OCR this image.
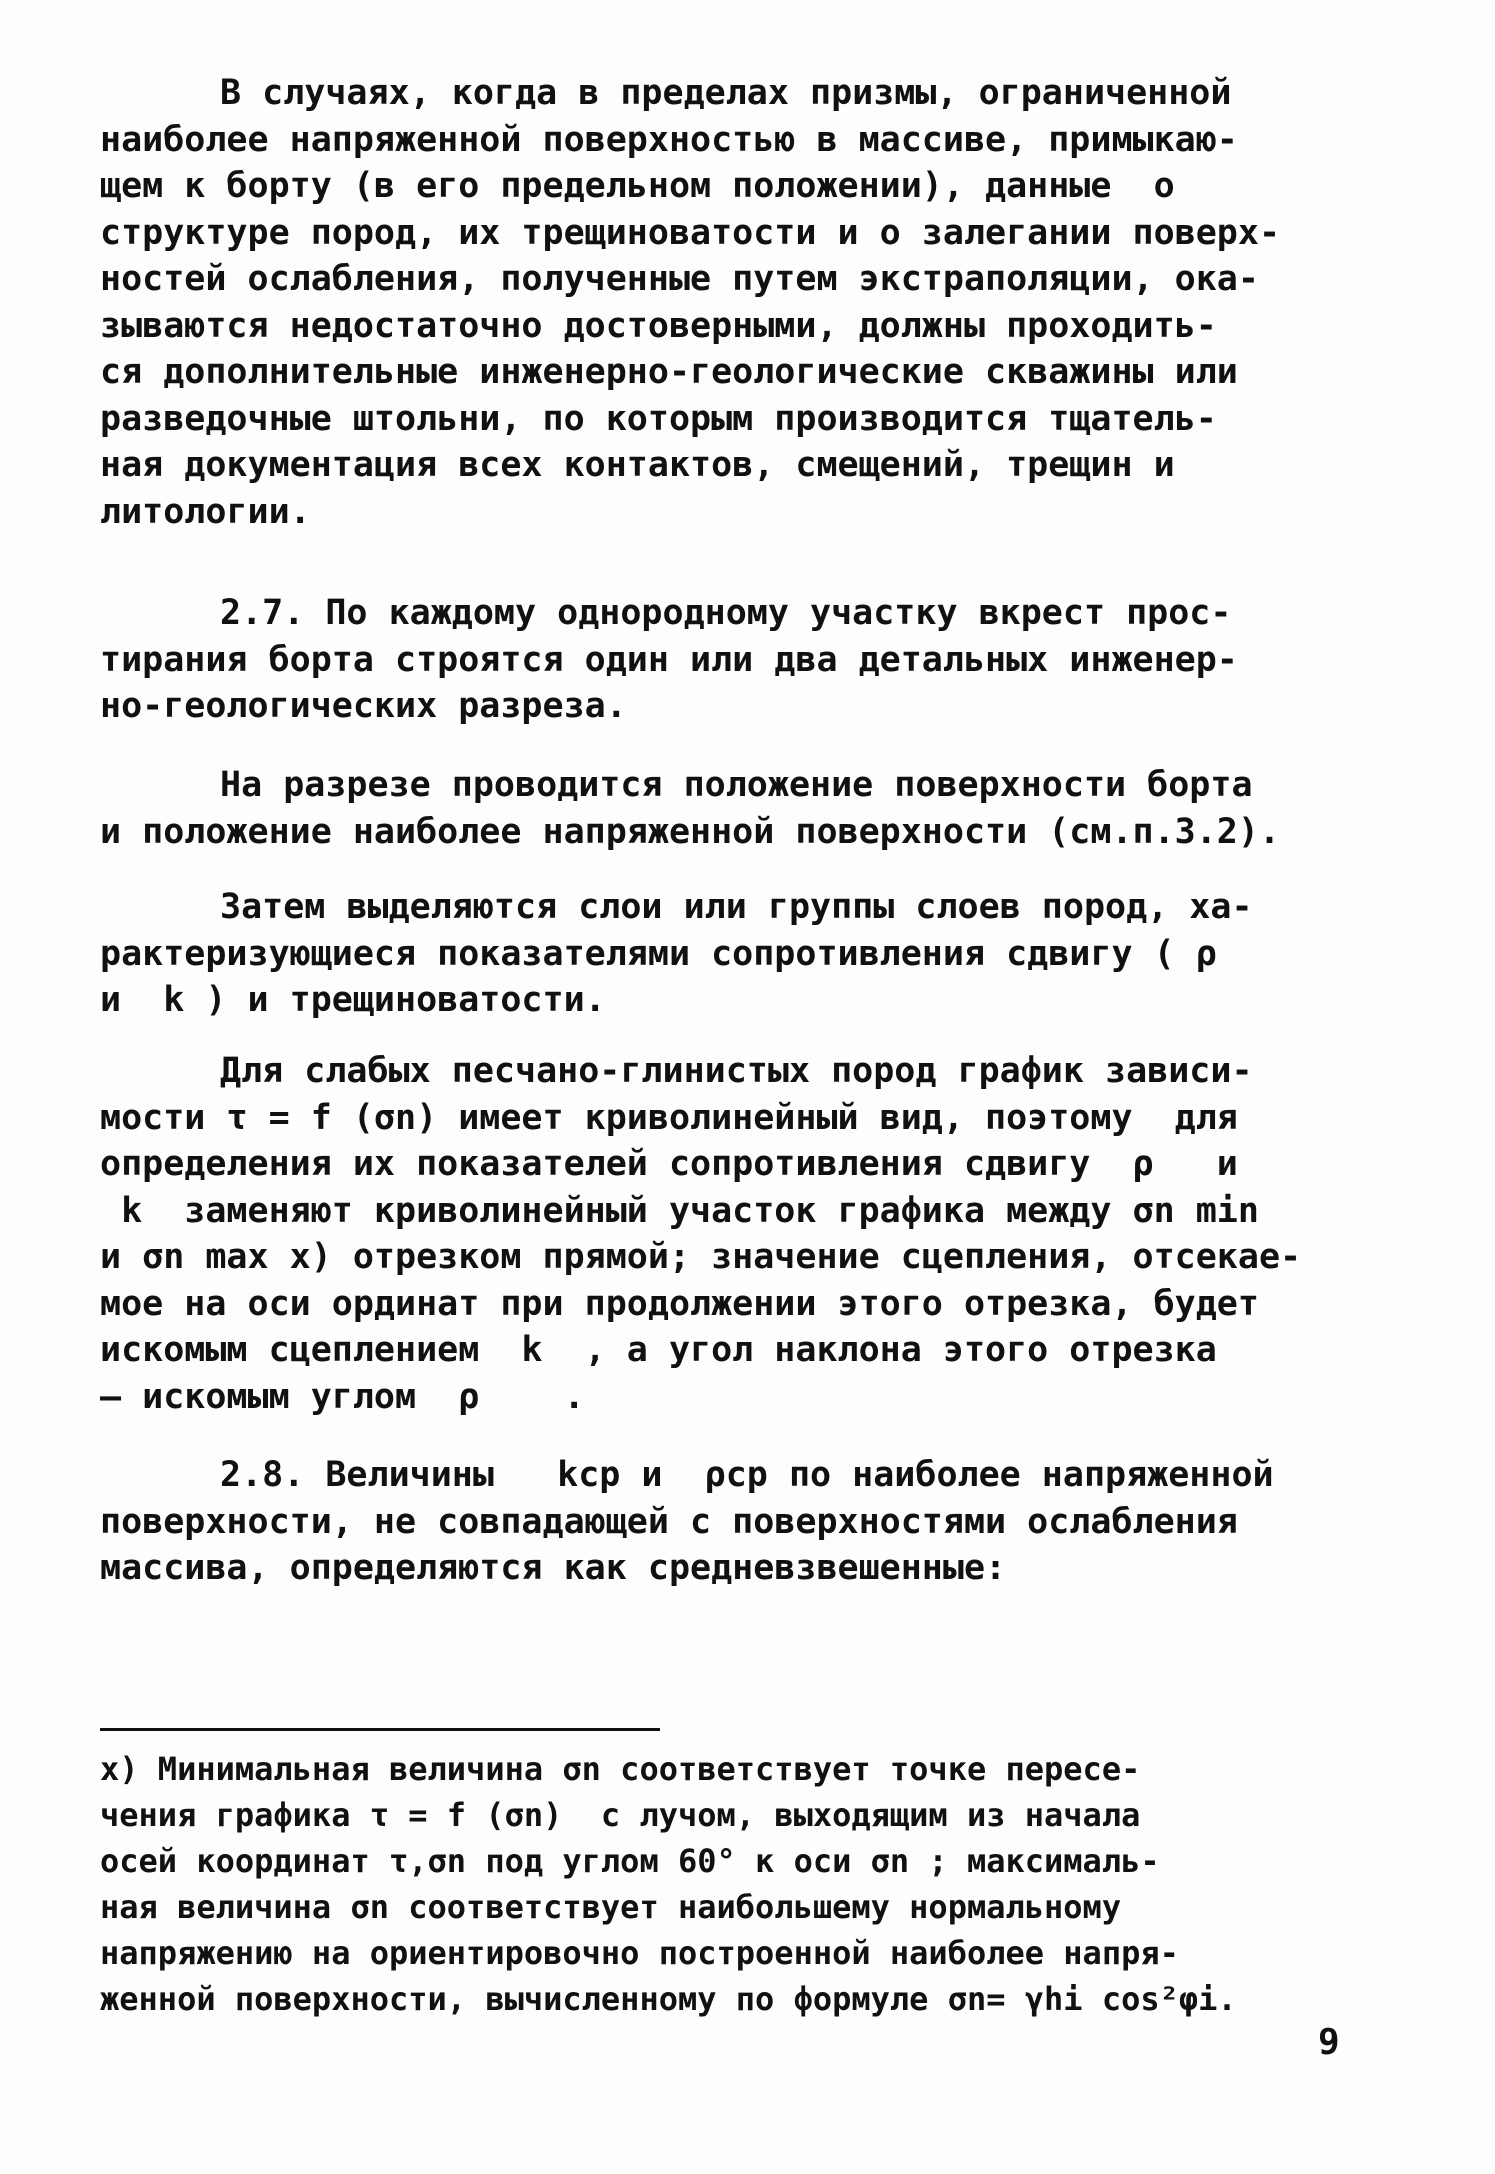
В случаях, когда в пределах призмы, ограниченной
наиболее напряженной поверхностью в массиве, примыкаю-
щем к борту (в его предельном положении), данные  о
структуре пород, их трещиноватости и о залегании поверх-
ностей ослабления, полученные путем экстраполяции, ока-
зываются недостаточно достоверными, должны проходить-
ся дополнительные инженерно-геологические скважины или
разведочные штольни, по которым производится тщатель-
ная документация всех контактов, смещений, трещин и
литологии.

2.7. По каждому однородному участку вкрест прос-
тирания борта строятся один или два детальных инженер-
но-геологических разреза.

На разрезе проводится положение поверхности борта
и положение наиболее напряженной поверхности (см.п.3.2).

Затем выделяются слои или группы слоев пород, ха-
рактеризующиеся показателями сопротивления сдвигу ( ρ
и  k ) и трещиноватости.

Для слабых песчано-глинистых пород график зависи-
мости τ = f (σn) имеет криволинейный вид, поэтому  для
определения их показателей сопротивления сдвигу  ρ   и
k  заменяют криволинейный участок графика между σn min
и σn max x) отрезком прямой; значение сцепления, отсекае-
мое на оси ординат при продолжении этого отрезка, будет
искомым сцеплением  k  , а угол наклона этого отрезка
– искомым углом  ρ    .

2.8. Величины   kср и  ρср по наиболее напряженной
поверхности, не совпадающей с поверхностями ослабления
массива, определяются как средневзвешенные:

x) Минимальная величина σn соответствует точке пересе-
чения графика τ = f (σn)  с лучом, выходящим из начала
осей координат τ,σn под углом 60° к оси σn ; максималь-
ная величина σn соответствует наибольшему нормальному
напряжению на ориентировочно построенной наиболее напря-
женной поверхности, вычисленному по формуле σn= γhi cos²φi.

9
